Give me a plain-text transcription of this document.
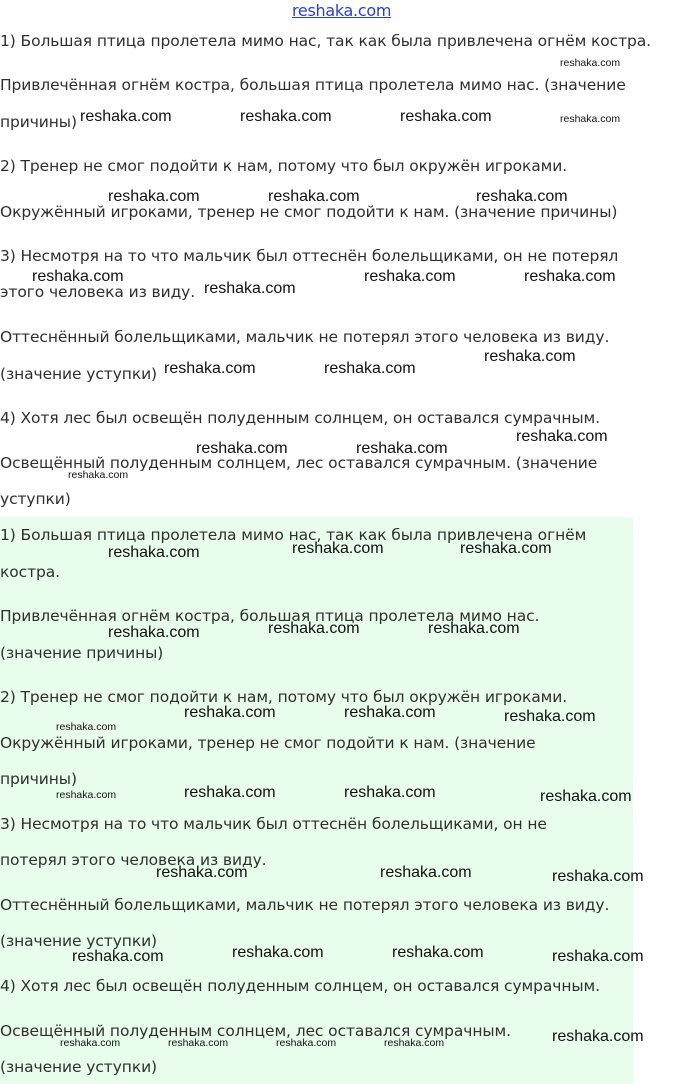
reshaka.com
1) Большая птица пролетела мимо нас, так как была привлечена огнём костра.
Привлечённая огнём костра, большая птица пролетела мимо нас. (значение
причины)
2) Тренер не смог подойти к нам, потому что был окружён игроками.
Окружённый игроками, тренер не смог подойти к нам. (значение причины)
3) Несмотря на то что мальчик был оттеснён болельщиками, он не потерял
этого человека из виду.
Оттеснённый болельщиками, мальчик не потерял этого человека из виду.
(значение уступки)
4) Хотя лес был освещён полуденным солнцем, он оставался сумрачным.
Освещённый полуденным солнцем, лес оставался сумрачным. (значение
уступки)
1) Большая птица пролетела мимо нас, так как была привлечена огнём
костра.
Привлечённая огнём костра, большая птица пролетела мимо нас.
(значение причины)
2) Тренер не смог подойти к нам, потому что был окружён игроками.
Окружённый игроками, тренер не смог подойти к нам. (значение
причины)
3) Несмотря на то что мальчик был оттеснён болельщиками, он не
потерял этого человека из виду.
Оттеснённый болельщиками, мальчик не потерял этого человека из виду.
(значение уступки)
4) Хотя лес был освещён полуденным солнцем, он оставался сумрачным.
Освещённый полуденным солнцем, лес оставался сумрачным.
(значение уступки)
reshaka.com
reshaka.com	reshaka.com	reshaka.com	reshaka.com
reshaka.com	reshaka.com	reshaka.com
reshaka.com	reshaka.com	reshaka.com
reshaka.com
reshaka.com
reshaka.com	reshaka.com
reshaka.com
reshaka.com	reshaka.com
reshaka.com
reshaka.com	reshaka.com
reshaka.com
reshaka.com	reshaka.com
reshaka.com
reshaka.com	reshaka.com	reshaka.com
reshaka.com
reshaka.com	reshaka.com	reshaka.com
reshaka.com
reshaka.com	reshaka.com	reshaka.com
reshaka.com	reshaka.com
reshaka.com	reshaka.com
reshaka.com
reshaka.com	reshaka.com	reshaka.com	reshaka.com
